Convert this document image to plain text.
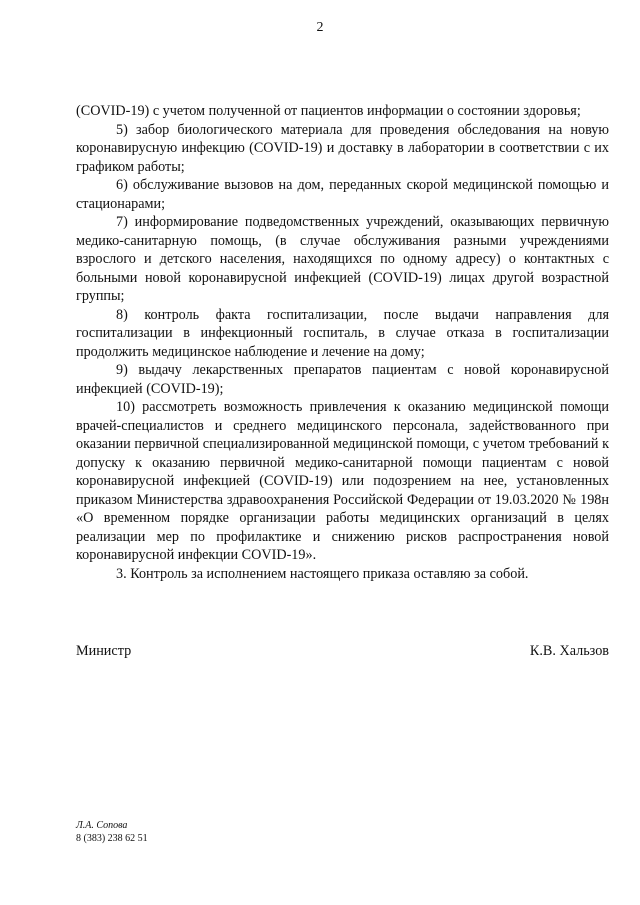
2

(COVID-19) с учетом полученной от пациентов информации о состоянии здоровья;

5) забор биологического материала для проведения обследования на новую коронавирусную инфекцию (COVID-19) и доставку в лаборатории в соответствии с их графиком работы;

6) обслуживание вызовов на дом, переданных скорой медицинской помощью и стационарами;

7) информирование подведомственных учреждений, оказывающих первичную медико-санитарную помощь, (в случае обслуживания разными учреждениями взрослого и детского населения, находящихся по одному адресу) о контактных с больными новой коронавирусной инфекцией (COVID-19) лицах другой возрастной группы;

8) контроль факта госпитализации, после выдачи направления для госпитализации в инфекционный госпиталь, в случае отказа в госпитализации продолжить медицинское наблюдение и лечение на дому;

9) выдачу лекарственных препаратов пациентам с новой коронавирусной инфекцией (COVID-19);

10) рассмотреть возможность привлечения к оказанию медицинской помощи врачей-специалистов и среднего медицинского персонала, задействованного при оказании первичной специализированной медицинской помощи, с учетом требований к допуску к оказанию первичной медико-санитарной помощи пациентам с новой коронавирусной инфекцией (COVID-19) или подозрением на нее, установленных приказом Министерства здравоохранения Российской Федерации от 19.03.2020 № 198н «О временном порядке организации работы медицинских организаций в целях реализации мер по профилактике и снижению рисков распространения новой коронавирусной инфекции COVID-19».

3. Контроль за исполнением настоящего приказа оставляю за собой.

Министр	К.В. Хальзов
Л.А. Сопова
8 (383) 238 62 51
